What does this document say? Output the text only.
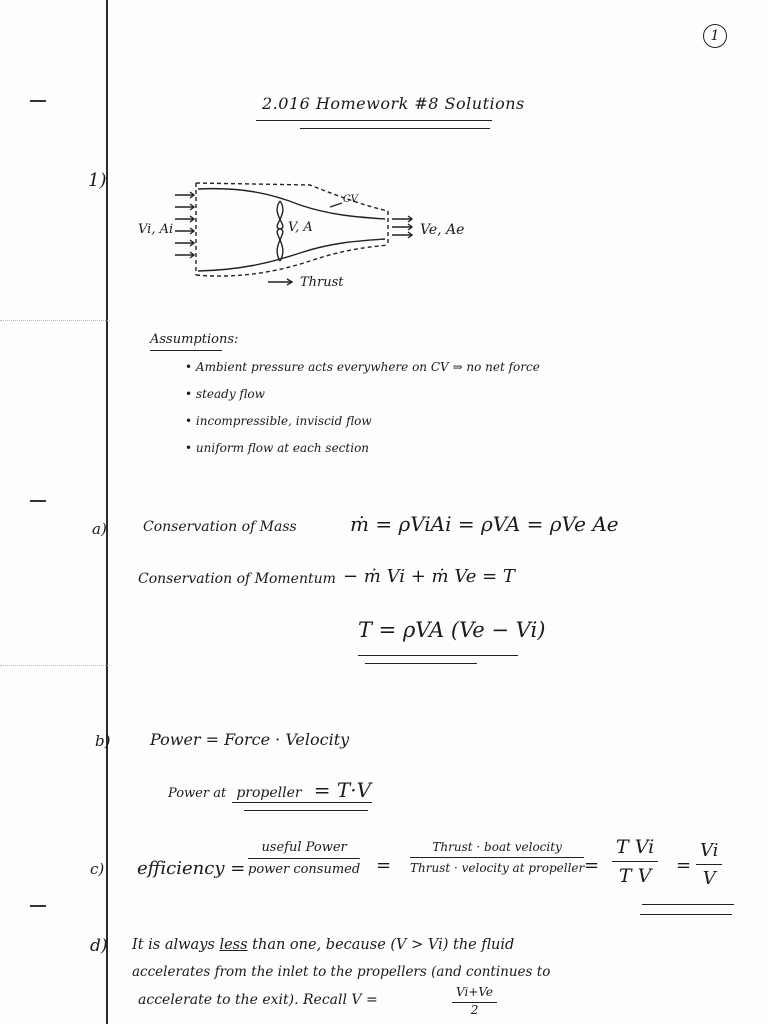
1
2.016 Homework #8 Solutions
1)
Vi, Ai	V, A
CV
Ve, Ae
Thrust
Assumptions:
• Ambient pressure acts everywhere on CV ⇒ no net force
• steady flow
• incompressible, inviscid flow
• uniform flow at each section
a)	Conservation of Mass	ṁ = ρViAi = ρVA = ρVe Ae
Conservation of Momentum − ṁ Vi + ṁ Ve = T
T = ρVA (Ve − Vi)
b) Power = Force · Velocity
Power at propeller = T·V
c) efficiency =
useful Power
power consumed =
Thrust · boat velocity
Thrust · velocity at propeller = $\frac{\text{T Vi}}{\text{T V}} = \frac{Vi}{V}$
d) It is always less than one, because (V > Vi) the fluid
accelerates from the inlet to the propellers (and continues to
accelerate to the exit). Recall V =	$\frac{Vi+Ve}{2}$
